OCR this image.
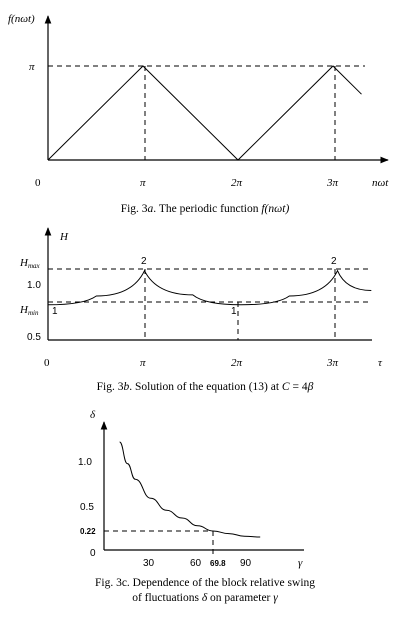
f(nωt)
π
0	π	2π	3π	nωt
Fig. 3a. The periodic function f(nωt)
H
Hmax
1.0
Hmin
0.5
2	2
1	1
0	π	2π	3π	τ
Fig. 3b. Solution of the equation (13) at C = 4β
δ
1.0
0.5
0.22
0
30	60 69.8 90	γ
Fig. 3c. Dependence of the block relative swing
of fluctuations δ on parameter γ
